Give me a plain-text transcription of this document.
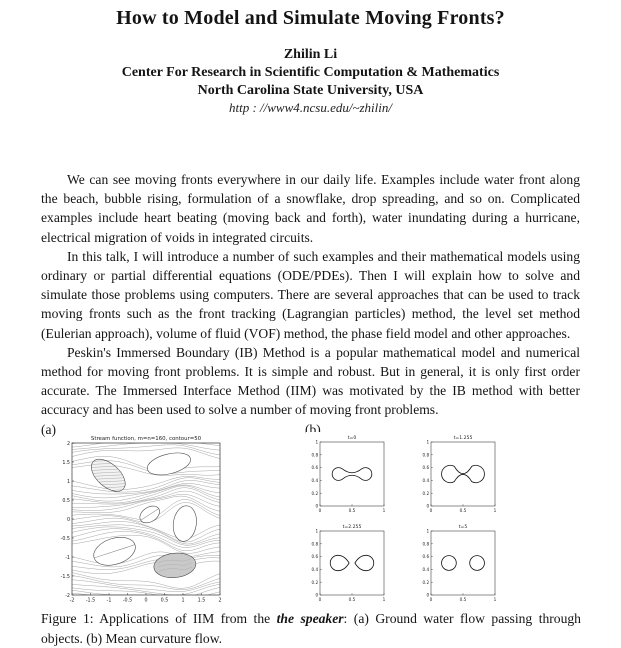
How to Model and Simulate Moving Fronts?
Zhilin Li
Center For Research in Scientific Computation & Mathematics
North Carolina State University, USA
http : //www4.ncsu.edu/~zhilin/

We can see moving fronts everywhere in our daily life. Examples include water front along the beach, bubble rising, formulation of a snowflake, drop spreading, and so on. Complicated examples include heart beating (moving back and forth), water inundating during a hurricane, electrical migration of voids in integrated circuits.

In this talk, I will introduce a number of such examples and their mathematical models using ordinary or partial differential equations (ODE/PDEs). Then I will explain how to solve and simulate those problems using computers. There are several approaches that can be used to track moving fronts such as the front tracking (Lagrangian particles) method, the level set method (Eulerian approach), volume of fluid (VOF) method, the phase field model and other approaches.

Peskin's Immersed Boundary (IB) Method is a popular mathematical model and numerical method for moving front problems. It is simple and robust. But in general, it is only first order accurate. The Immersed Interface Method (IIM) was motivated by the IB method with better accuracy and has been used to solve a number of moving front problems.

(a)	(b)
Stream function, m=n=160, contour=50
-2 -1.5 -1 -0.5	0	0.5	1	1.5	2
-2
-1.5
-1
-0.5
0
0.5
1
1.5
2
t=0
0	0.5	1
0
0.2
0.4
0.6
0.8
1
t=1.255
0	0.5	1
0
0.2
0.4
0.6
0.8
1
t=2.255
0	0.5	1
0
0.2
0.4
0.6
0.8
1
t=5
0	0.5	1
0
0.2
0.4
0.6
0.8
1

Figure 1: Applications of IIM from the the speaker: (a) Ground water flow passing through objects. (b) Mean curvature flow.
